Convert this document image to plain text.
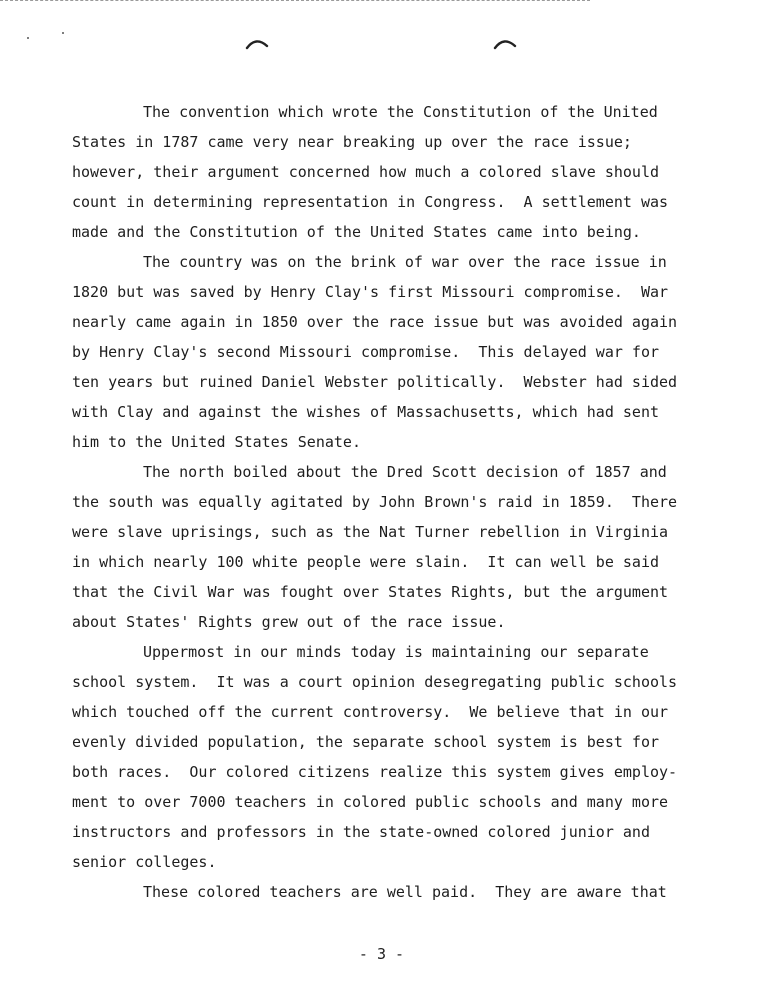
The convention which wrote the Constitution of the United
States in 1787 came very near breaking up over the race issue;
however, their argument concerned how much a colored slave should
count in determining representation in Congress.  A settlement was
made and the Constitution of the United States came into being.
The country was on the brink of war over the race issue in
1820 but was saved by Henry Clay's first Missouri compromise.  War
nearly came again in 1850 over the race issue but was avoided again
by Henry Clay's second Missouri compromise.  This delayed war for
ten years but ruined Daniel Webster politically.  Webster had sided
with Clay and against the wishes of Massachusetts, which had sent
him to the United States Senate.
The north boiled about the Dred Scott decision of 1857 and
the south was equally agitated by John Brown's raid in 1859.  There
were slave uprisings, such as the Nat Turner rebellion in Virginia
in which nearly 100 white people were slain.  It can well be said
that the Civil War was fought over States Rights, but the argument
about States' Rights grew out of the race issue.
Uppermost in our minds today is maintaining our separate
school system.  It was a court opinion desegregating public schools
which touched off the current controversy.  We believe that in our
evenly divided population, the separate school system is best for
both races.  Our colored citizens realize this system gives employ-
ment to over 7000 teachers in colored public schools and many more
instructors and professors in the state-owned colored junior and
senior colleges.
These colored teachers are well paid.  They are aware that
- 3 -
